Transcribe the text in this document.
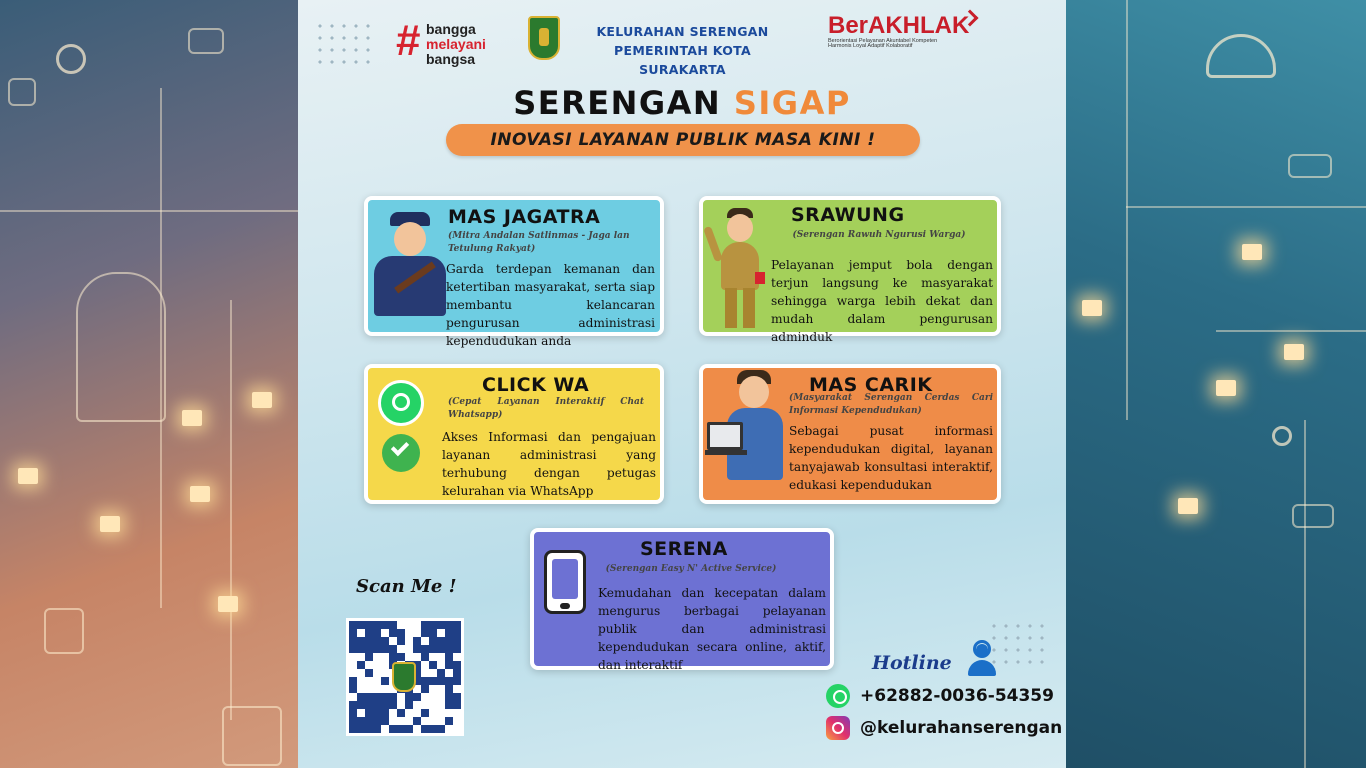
# bangga
melayani
bangsa
KELURAHAN SERENGAN
PEMERINTAH KOTA SURAKARTA
BerAKHLAK
Berorientasi Pelayanan Akuntabel Kompeten
Harmonis Loyal Adaptif Kolaboratif
SERENGAN SIGAP
INOVASI LAYANAN PUBLIK MASA KINI !
MAS JAGATRA
(Mitra Andalan Satlinmas - Jaga lan Tetulung Rakyat)
Garda terdepan kemanan dan ketertiban masyarakat, serta siap membantu kelancaran pengurusan administrasi kependudukan anda
SRAWUNG
(Serengan Rawuh Ngurusi Warga)
Pelayanan jemput bola dengan terjun langsung ke masyarakat sehingga warga lebih dekat dan mudah dalam pengurusan adminduk
CLICK WA
(Cepat Layanan Interaktif Chat Whatsapp)
Akses Informasi dan pengajuan layanan administrasi yang terhubung dengan petugas kelurahan via WhatsApp
MAS CARIK
(Masyarakat Serengan Cerdas Cari Informasi Kependudukan)
Sebagai pusat informasi kependudukan digital, layanan tanyajawab konsultasi interaktif, edukasi kependudukan
SERENA
(Serengan Easy N' Active Service)
Kemudahan dan kecepatan dalam mengurus berbagai pelayanan publik dan administrasi kependudukan secara online, aktif, dan interaktif
Scan Me !
Hotline
+62882-0036-54359
@kelurahanserengan
